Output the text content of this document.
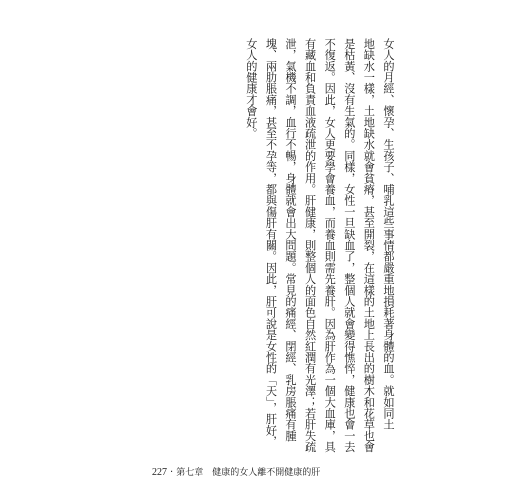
女人的月經、懷孕、生孩子、哺乳這些事情都嚴重地損耗著身體的血。就如同土
地缺水一樣，土地缺水就會貧瘠，甚至開裂，在這樣的土地上長出的樹木和花草也會
是枯黃、沒有生氣的。同樣，女性一旦缺血了，整個人就會變得憔悴，健康也會一去
不復返。因此，女人更要學會養血，而養血則需先養肝。因為肝作為一個大血庫，具
有藏血和負責血液疏泄的作用。肝健康，則整個人的面色自然紅潤有光澤；若肝失疏
泄，氣機不調，血行不暢，身體就會出大問題。常見的痛經、閉經、乳房脹痛有腫
塊、兩肋脹痛，甚至不孕等，都與傷肝有關。因此，肝可說是女性的「天」，肝好，
女人的健康才會好。
227 ‧ 第七章　健康的女人離不開健康的肝
